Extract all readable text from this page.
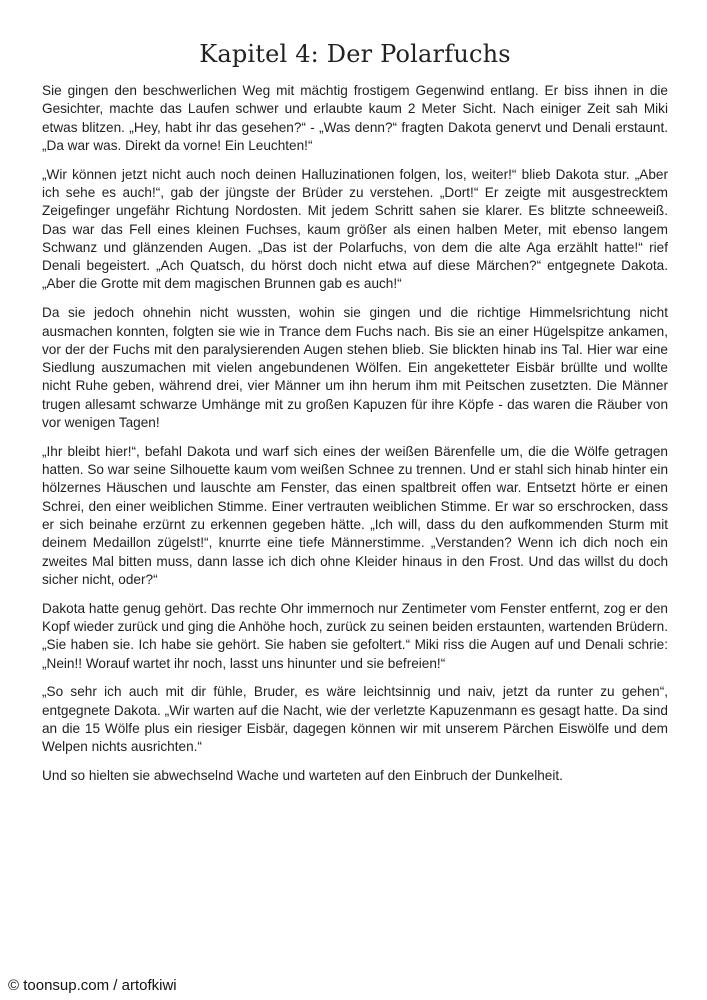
Kapitel 4: Der Polarfuchs

Sie gingen den beschwerlichen Weg mit mächtig frostigem Gegenwind entlang. Er biss ihnen in die Gesichter, machte das Laufen schwer und erlaubte kaum 2 Meter Sicht. Nach einiger Zeit sah Miki etwas blitzen. „Hey, habt ihr das gesehen?“ - „Was denn?“ fragten Dakota genervt und Denali erstaunt. „Da war was. Direkt da vorne! Ein Leuchten!“

„Wir können jetzt nicht auch noch deinen Halluzinationen folgen, los, weiter!“ blieb Dakota stur. „Aber ich sehe es auch!“, gab der jüngste der Brüder zu verstehen. „Dort!“ Er zeigte mit ausgestrecktem Zeigefinger ungefähr Richtung Nordosten. Mit jedem Schritt sahen sie klarer. Es blitzte schneeweiß. Das war das Fell eines kleinen Fuchses, kaum größer als einen halben Meter, mit ebenso langem Schwanz und glänzenden Augen. „Das ist der Polarfuchs, von dem die alte Aga erzählt hatte!“ rief Denali begeistert. „Ach Quatsch, du hörst doch nicht etwa auf diese Märchen?“ entgegnete Dakota. „Aber die Grotte mit dem magischen Brunnen gab es auch!“

Da sie jedoch ohnehin nicht wussten, wohin sie gingen und die richtige Himmelsrichtung nicht ausmachen konnten, folgten sie wie in Trance dem Fuchs nach. Bis sie an einer Hügelspitze ankamen, vor der der Fuchs mit den paralysierenden Augen stehen blieb. Sie blickten hinab ins Tal. Hier war eine Siedlung auszumachen mit vielen angebundenen Wölfen. Ein angeketteter Eisbär brüllte und wollte nicht Ruhe geben, während drei, vier Männer um ihn herum ihm mit Peitschen zusetzten. Die Männer trugen allesamt schwarze Umhänge mit zu großen Kapuzen für ihre Köpfe - das waren die Räuber von vor wenigen Tagen!

„Ihr bleibt hier!“, befahl Dakota und warf sich eines der weißen Bärenfelle um, die die Wölfe getragen hatten. So war seine Silhouette kaum vom weißen Schnee zu trennen. Und er stahl sich hinab hinter ein hölzernes Häuschen und lauschte am Fenster, das einen spaltbreit offen war. Entsetzt hörte er einen Schrei, den einer weiblichen Stimme. Einer vertrauten weiblichen Stimme. Er war so erschrocken, dass er sich beinahe erzürnt zu erkennen gegeben hätte. „Ich will, dass du den aufkommenden Sturm mit deinem Medaillon zügelst!“, knurrte eine tiefe Männerstimme. „Verstanden? Wenn ich dich noch ein zweites Mal bitten muss, dann lasse ich dich ohne Kleider hinaus in den Frost. Und das willst du doch sicher nicht, oder?“

Dakota hatte genug gehört. Das rechte Ohr immernoch nur Zentimeter vom Fenster entfernt, zog er den Kopf wieder zurück und ging die Anhöhe hoch, zurück zu seinen beiden erstaunten, wartenden Brüdern. „Sie haben sie. Ich habe sie gehört. Sie haben sie gefoltert.“ Miki riss die Augen auf und Denali schrie: „Nein!! Worauf wartet ihr noch, lasst uns hinunter und sie befreien!“

„So sehr ich auch mit dir fühle, Bruder, es wäre leichtsinnig und naiv, jetzt da runter zu gehen“, entgegnete Dakota. „Wir warten auf die Nacht, wie der verletzte Kapuzenmann es gesagt hatte. Da sind an die 15 Wölfe plus ein riesiger Eisbär, dagegen können wir mit unserem Pärchen Eiswölfe und dem Welpen nichts ausrichten.“

Und so hielten sie abwechselnd Wache und warteten auf den Einbruch der Dunkelheit.

© toonsup.com / artofkiwi
